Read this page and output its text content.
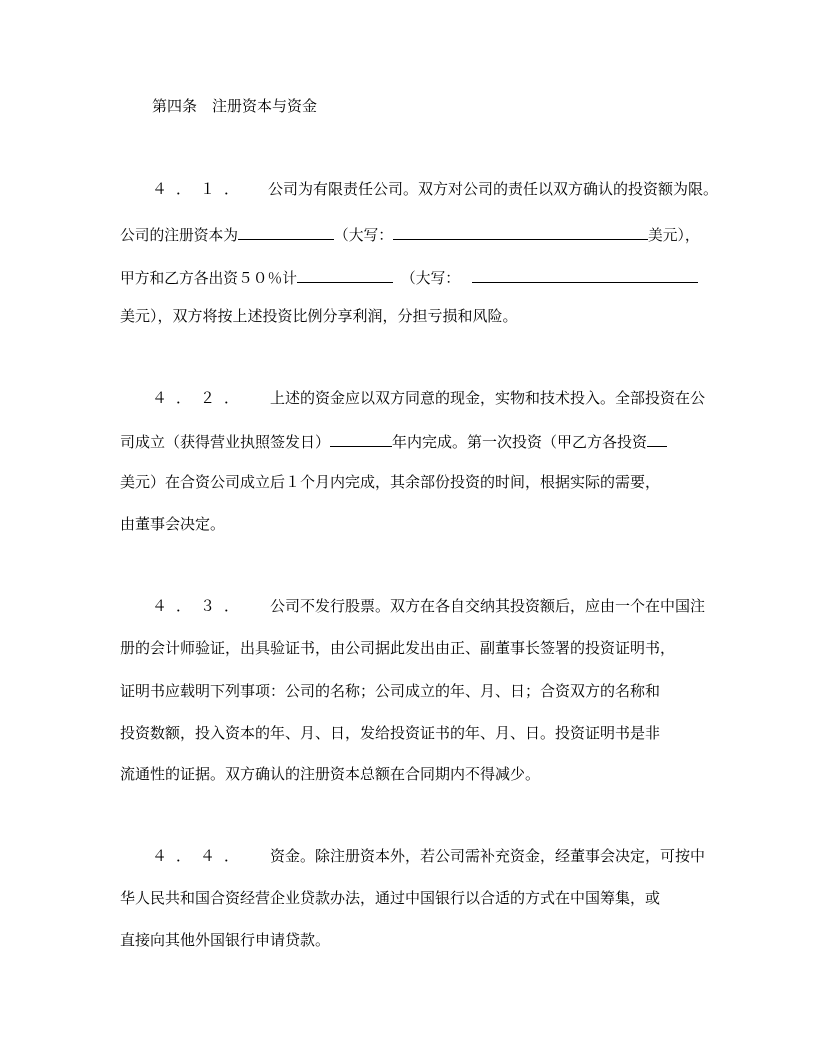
第四条　注册资本与资金
４．１． 公司为有限责任公司。双方对公司的责任以双方确认的投资额为限。
公司的注册资本为	（大写：	美元），
甲方和乙方各出资５０％计	（大写：
美元），双方将按上述投资比例分享利润，分担亏损和风险。
４．２． 上述的资金应以双方同意的现金，实物和技术投入。全部投资在公
司成立（获得营业执照签发日）	年内完成。第一次投资（甲乙方各投资
美元）在合资公司成立后１个月内完成，其余部份投资的时间，根据实际的需要，
由董事会决定。
４．３． 公司不发行股票。双方在各自交纳其投资额后，应由一个在中国注
册的会计师验证，出具验证书，由公司据此发出由正、副董事长签署的投资证明书，
证明书应载明下列事项：公司的名称；公司成立的年、月、日；合资双方的名称和
投资数额，投入资本的年、月、日，发给投资证书的年、月、日。投资证明书是非
流通性的证据。双方确认的注册资本总额在合同期内不得减少。
４．４． 资金。除注册资本外，若公司需补充资金，经董事会决定，可按中
华人民共和国合资经营企业贷款办法，通过中国银行以合适的方式在中国筹集，或
直接向其他外国银行申请贷款。
